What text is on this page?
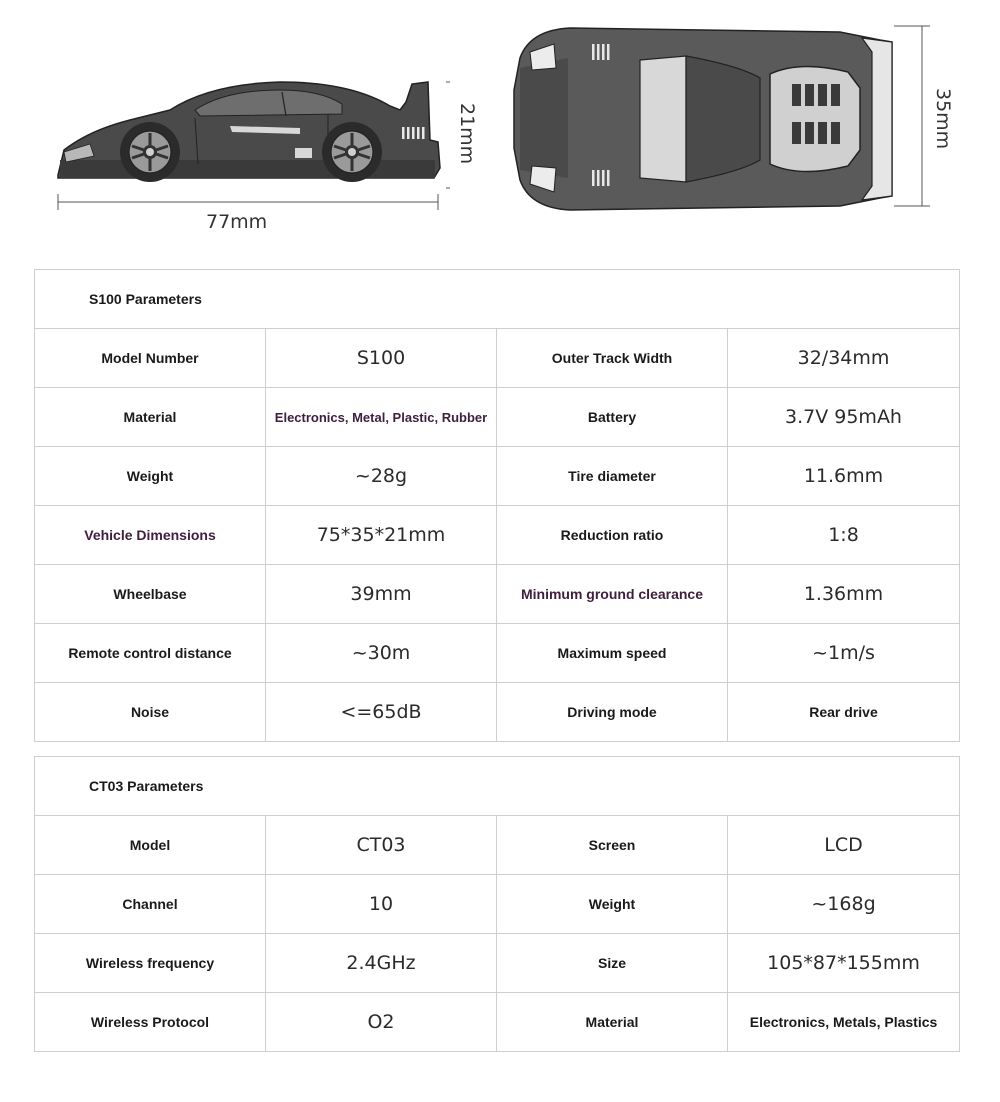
77mm
21mm	35mm
S100 Parameters			
Model Number	S100	Outer Track Width	32/34mm
Material	Electronics, Metal, Plastic, Rubber	Battery	3.7V 95mAh
Weight	~28g	Tire diameter	11.6mm
Vehicle Dimensions	75*35*21mm	Reduction ratio	1:8
Wheelbase	39mm	Minimum ground clearance	1.36mm
Remote control distance	~30m	Maximum speed	~1m/s
Noise	<=65dB	Driving mode	Rear drive
CT03 Parameters			
Model	CT03	Screen	LCD
Channel	10	Weight	~168g
Wireless frequency	2.4GHz	Size	105*87*155mm
Wireless Protocol	O2	Material	Electronics, Metals, Plastics
